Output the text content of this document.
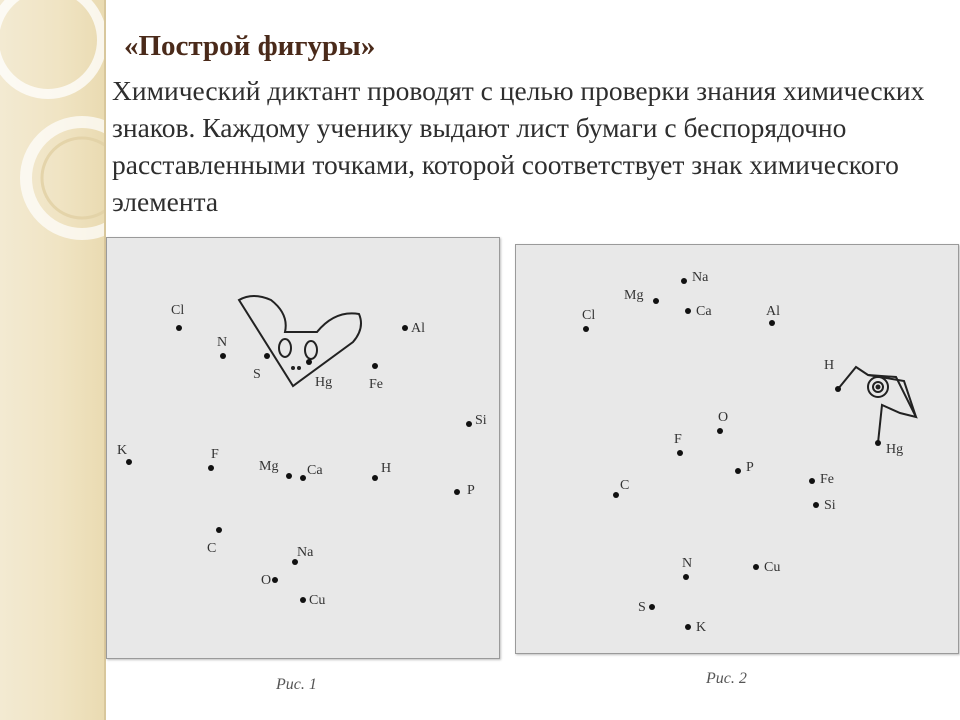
«Построй фигуры»

Химический диктант проводят с целью проверки знания химических знаков. Каждому ученику выдают лист бумаги с беспорядочно расставленными точками, которой соответствует знак химического элемента

Cl
N
S
Hg	Fe
Al
Si
K	F
Mg Ca	H
P
C	Na
O
Cu
Рис. 1
Na
Mg
Ca
Cl	Al
H
Hg
O
F
P
C	Fe
Si
N	Cu
S
K
Рис. 2
